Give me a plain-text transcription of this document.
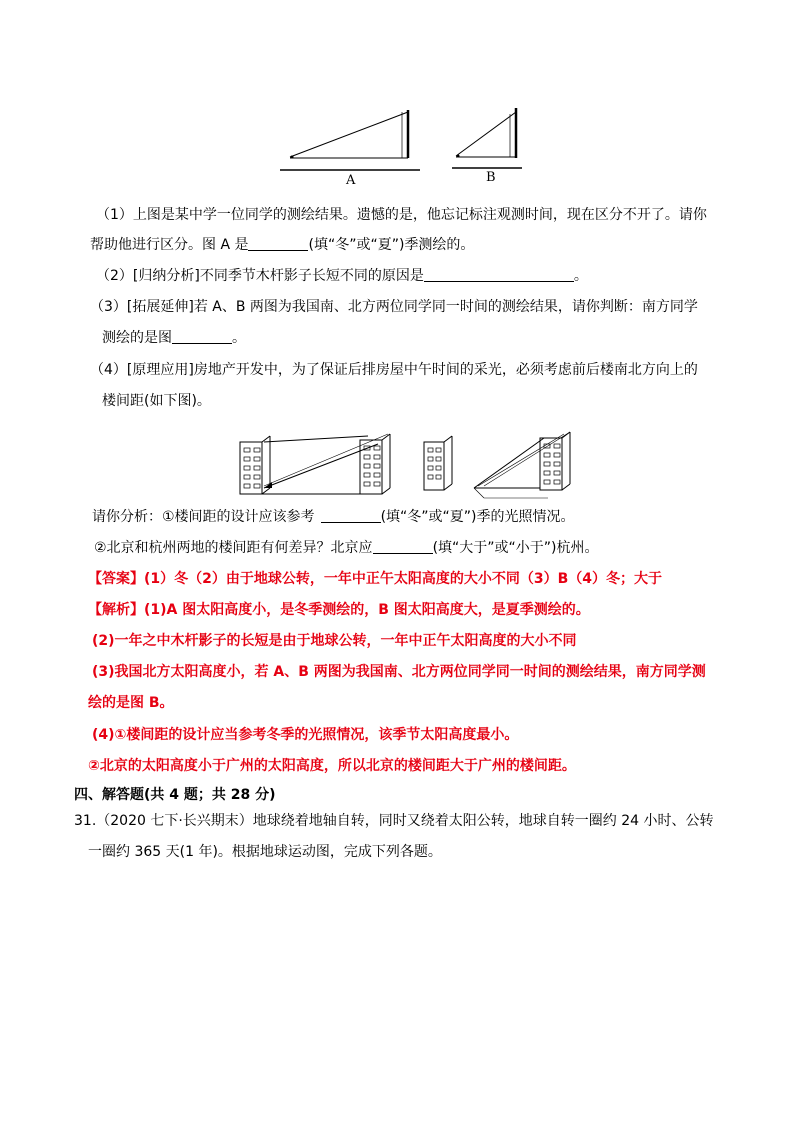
A	B
（1）上图是某中学一位同学的测绘结果。遗憾的是，他忘记标注观测时间，现在区分不开了。请你
帮助他进行区分。图 A 是	(填“冬”或“夏”)季测绘的。
（2）[归纳分析]不同季节木杆影子长短不同的原因是	。
（3）[拓展延伸]若 A、B 两图为我国南、北方两位同学同一时间的测绘结果，请你判断：南方同学
测绘的是图	。
（4）[原理应用]房地产开发中，为了保证后排房屋中午时间的采光，必须考虑前后楼南北方向上的
楼间距(如下图)。
请你分析：①楼间距的设计应该参考	(填“冬”或“夏”)季的光照情况。
②北京和杭州两地的楼间距有何差异？北京应	(填“大于”或“小于”)杭州。
【答案】(1）冬（2）由于地球公转，一年中正午太阳高度的大小不同（3）B（4）冬；大于
【解析】(1)A 图太阳高度小，是冬季测绘的，B 图太阳高度大，是夏季测绘的。
(2)一年之中木杆影子的长短是由于地球公转，一年中正午太阳高度的大小不同
(3)我国北方太阳高度小，若 A、B 两图为我国南、北方两位同学同一时间的测绘结果，南方同学测
绘的是图 B。
(4)①楼间距的设计应当参考冬季的光照情况，该季节太阳高度最小。
②北京的太阳高度小于广州的太阳高度，所以北京的楼间距大于广州的楼间距。
四、解答题(共 4 题；共 28 分)
31.（2020 七下·长兴期末）地球绕着地轴自转，同时又绕着太阳公转，地球自转一圈约 24 小时、公转
一圈约 365 天(1 年)。根据地球运动图，完成下列各题。
